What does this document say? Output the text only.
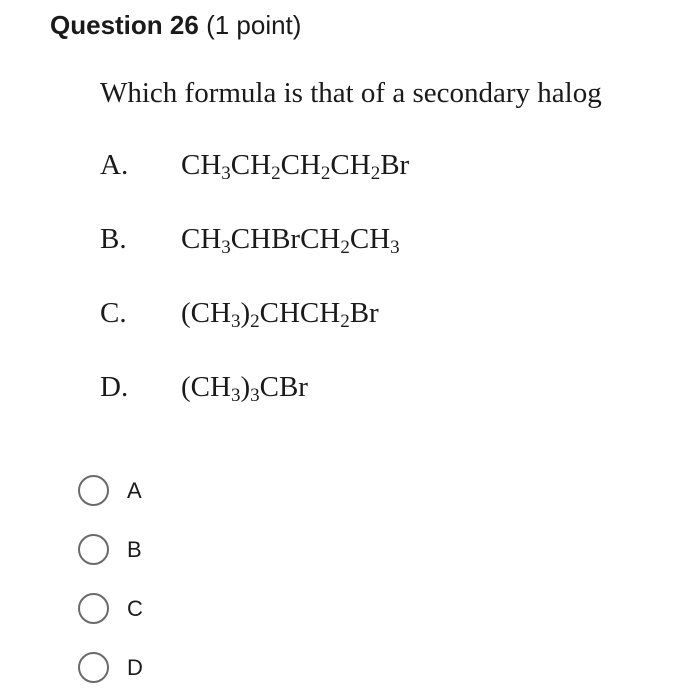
Question 26 (1 point)
Which formula is that of a secondary halog
A. $CH_3CH_2CH_2CH_2Br$
B. $CH_3CHBrCH_2CH_3$
C. $(CH_3)_2CHCH_2Br$
D. $(CH_3)_3CBr$
A
B
C
D
